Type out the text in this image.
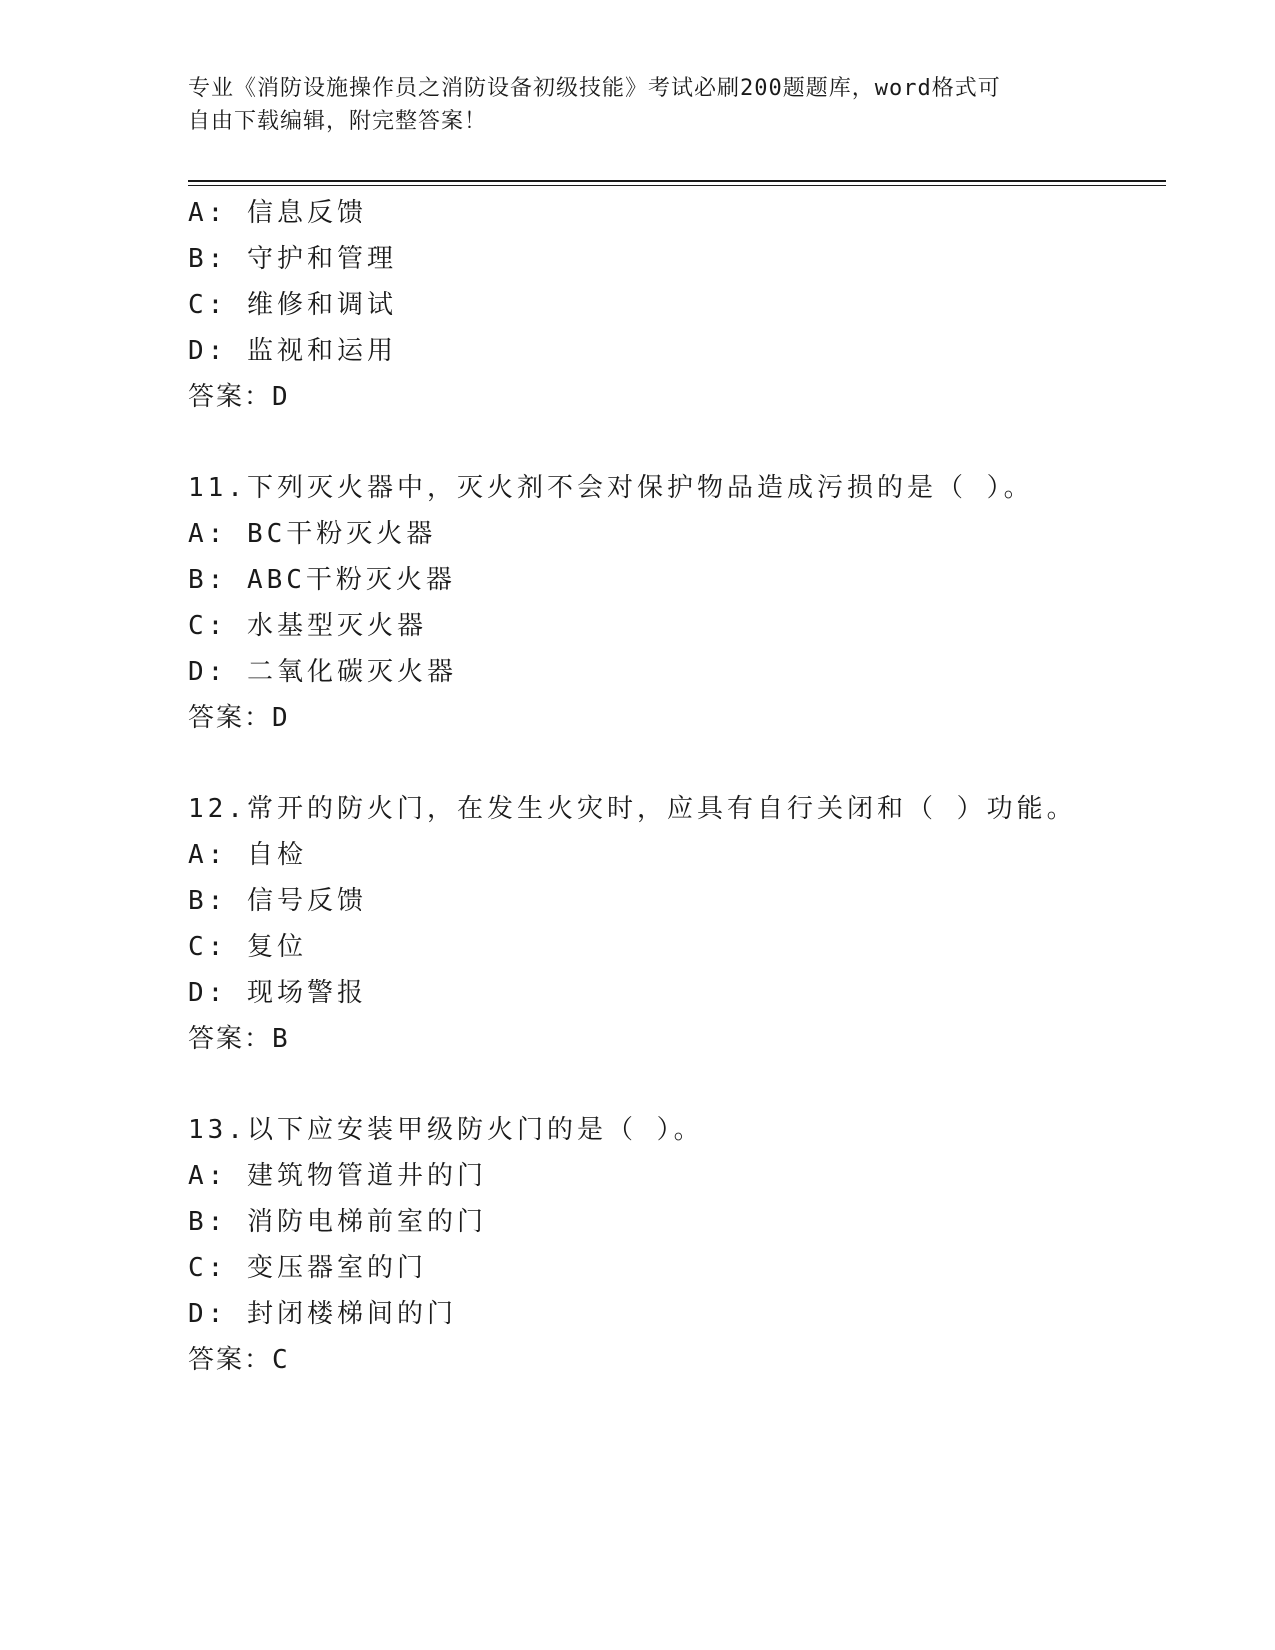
专业《消防设施操作员之消防设备初级技能》考试必刷200题题库，word格式可
自由下载编辑，附完整答案！
A: 信息反馈
B: 守护和管理
C: 维修和调试
D: 监视和运用
答案：D
11.下列灭火器中，灭火剂不会对保护物品造成污损的是（ ）。
A: BC干粉灭火器
B: ABC干粉灭火器
C: 水基型灭火器
D: 二氧化碳灭火器
答案：D
12.常开的防火门，在发生火灾时，应具有自行关闭和（ ）功能。
A: 自检
B: 信号反馈
C: 复位
D: 现场警报
答案：B
13.以下应安装甲级防火门的是（ ）。
A: 建筑物管道井的门
B: 消防电梯前室的门
C: 变压器室的门
D: 封闭楼梯间的门
答案：C
